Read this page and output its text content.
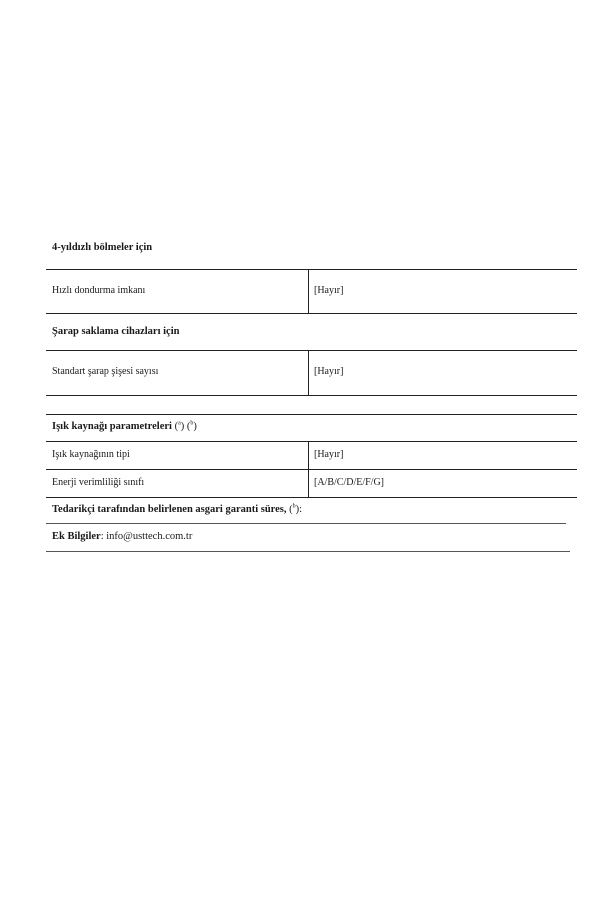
4-yıldızlı bölmeler için
Hızlı dondurma imkanı	[Hayır]
Şarap saklama cihazları için
Standart şarap şişesi sayısı	[Hayır]
Işık kaynağı parametreleri ($^a$) ($^b$)
Işık kaynağının tipi	[Hayır]
Enerji verimliliği sınıfı	[A/B/C/D/E/F/G]
Tedarikçi tarafından belirlenen asgari garanti süres, ($^b$):
Ek Bilgiler: info@usttech.com.tr
